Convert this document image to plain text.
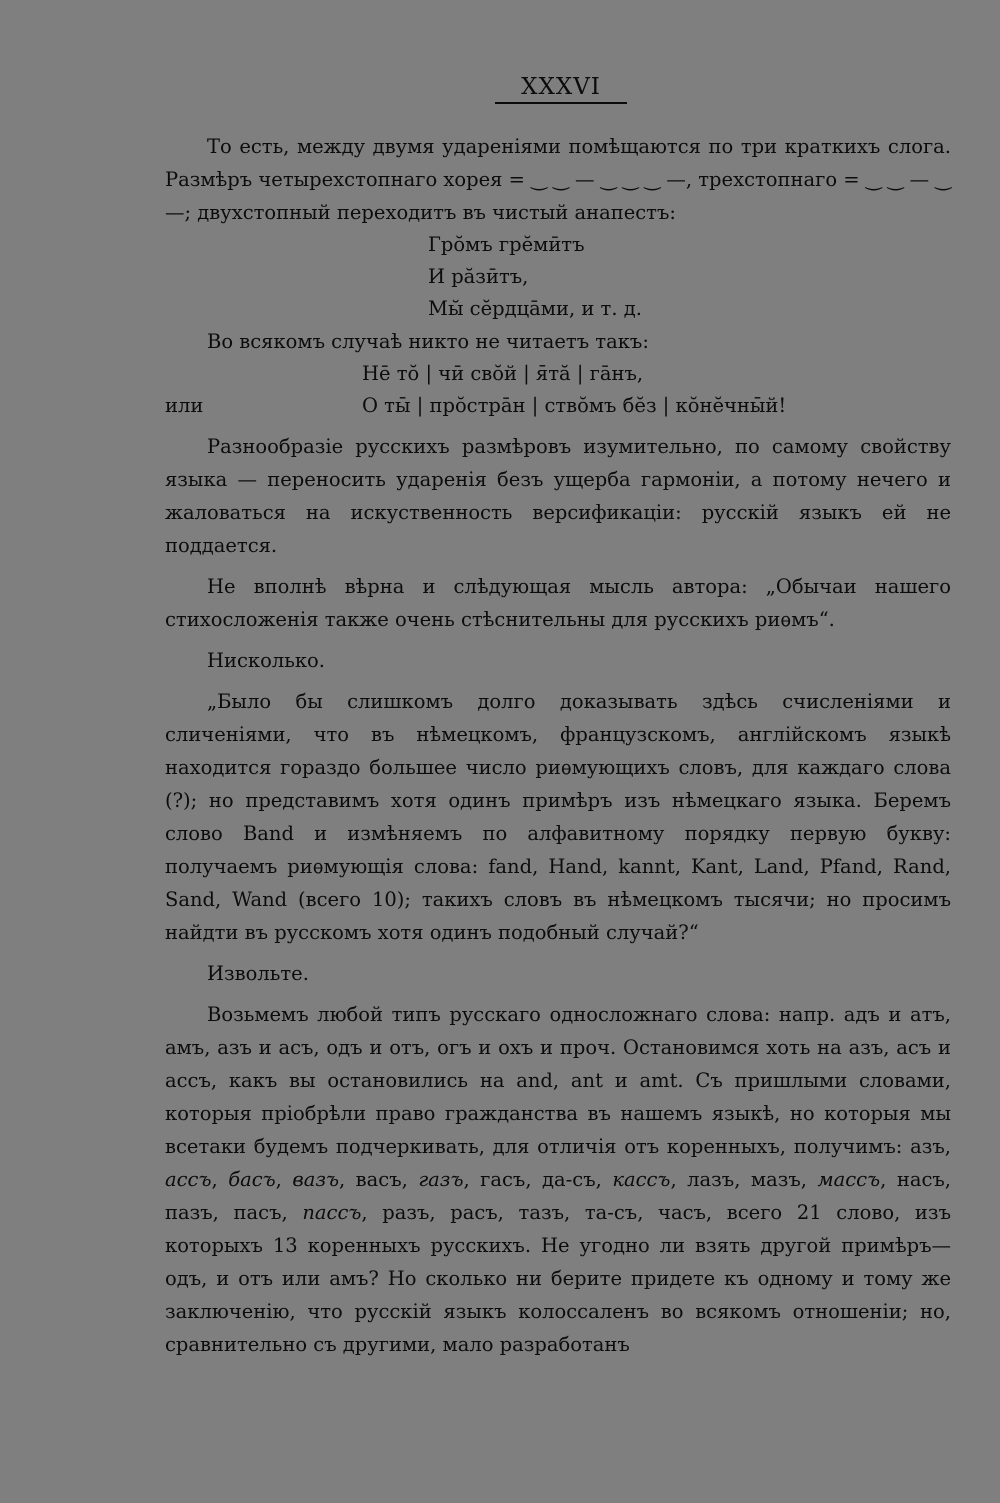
XXXVI

То есть, между двумя удареніями помѣщаются по три краткихъ слога. Размѣръ четырехстопнаго хорея = ‿ ‿ — ‿ ‿ ‿ —, трехстопнаго = ‿ ‿ — ‿ —; двухстопный переходитъ въ чистый анапестъ:

Грŏмъ грĕмӣтъ
И рăзӣтъ,
Мы̆ сĕрдцāми, и т. д.

Во всякомъ случаѣ никто не читаетъ такъ:

Нē тŏ | чӣ свŏй | я̄тă | гāнъ,
или	О ты̄ | прŏстрāн | ствŏмъ бĕз | кŏнĕчны̄й!

Разнообразіе русскихъ размѣровъ изумительно, по самому свойству языка — переносить ударенія безъ ущерба гармоніи, а потому нечего и жаловаться на искуственность версификаціи: русскій языкъ ей не поддается.

Не вполнѣ вѣрна и слѣдующая мысль автора: „Обычаи нашего стихосложенія также очень стѣснительны для русскихъ риѳмъ“.

Нисколько.

„Было бы слишкомъ долго доказывать здѣсь счисленіями и сличеніями, что въ нѣмецкомъ, французскомъ, англійскомъ языкѣ находится гораздо большее число риѳмующихъ словъ, для каждаго слова (?); но представимъ хотя одинъ примѣръ изъ нѣмецкаго языка. Беремъ слово Band и измѣняемъ по алфавитному порядку первую букву: получаемъ риѳмующія слова: fand, Hand, kannt, Kant, Land, Pfand, Rand, Sand, Wand (всего 10); такихъ словъ въ нѣмецкомъ тысячи; но просимъ найдти въ русскомъ хотя одинъ подобный случай?“

Извольте.

Возьмемъ любой типъ русскаго односложнаго слова: напр. адъ и атъ, амъ, азъ и асъ, одъ и отъ, огъ и охъ и проч. Остановимся хоть на азъ, асъ и ассъ, какъ вы остановились на and, ant и amt. Съ пришлыми словами, которыя пріобрѣли право гражданства въ нашемъ языкѣ, но которыя мы всетаки будемъ подчеркивать, для отличія отъ коренныхъ, получимъ: азъ, ассъ, басъ, вазъ, васъ, газъ, гасъ, да-съ, кассъ, лазъ, мазъ, массъ, насъ, пазъ, пасъ, пассъ, разъ, расъ, тазъ, та-съ, часъ, всего 21 слово, изъ которыхъ 13 коренныхъ русскихъ. Не угодно ли взять другой примѣръ—одъ, и отъ или амъ? Но сколько ни берите придете къ одному и тому же заключенію, что русскій языкъ колоссаленъ во всякомъ отношеніи; но, сравнительно съ другими, мало разработанъ
